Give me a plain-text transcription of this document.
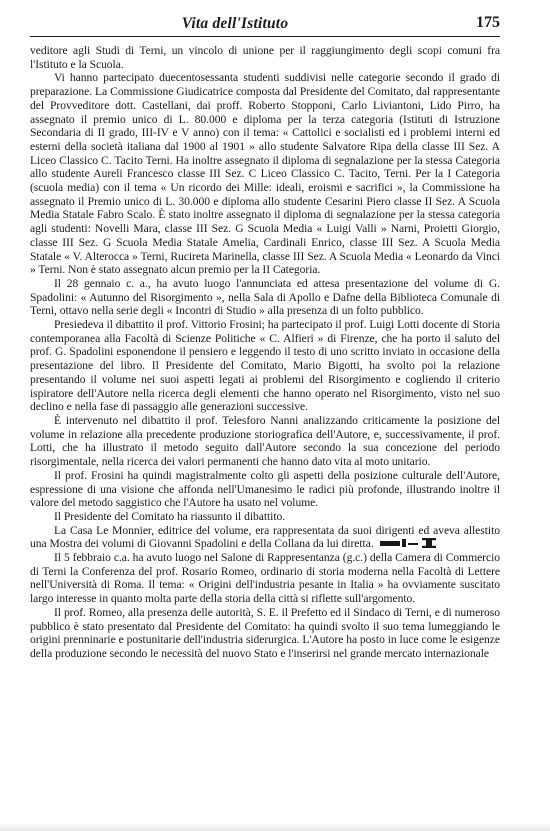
Vita dell'Istituto	175

veditore agli Studi di Terni, un vincolo di unione per il raggiungimento degli scopi comuni fra l'Istituto e la Scuola.

Vi hanno partecipato duecentosessanta studenti suddivisi nelle categorie secondo il grado di preparazione. La Commissione Giudicatrice composta dal Presidente del Comitato, dal rappresentante del Provveditore dott. Castellani, dai proff. Roberto Stopponi, Carlo Liviantoni, Lido Pirro, ha assegnato il premio unico di L. 80.000 e diploma per la terza categoria (Istituti di Istruzione Secondaria di II grado, III-IV e V anno) con il tema: « Cattolici e socialisti ed i problemi interni ed esterni della società italiana dal 1900 al 1901 » allo studente Salvatore Ripa della classe III Sez. A Liceo Classico C. Tacito Terni. Ha inoltre assegnato il diploma di segnalazione per la stessa Categoria allo studente Aureli Francesco classe III Sez. C Liceo Classico C. Tacito, Terni. Per la I Categoria (scuola media) con il tema « Un ricordo dei Mille: ideali, eroismi e sacrifici », la Commissione ha assegnato il Premio unico di L. 30.000 e diploma allo studente Cesarini Piero classe II Sez. A Scuola Media Statale Fabro Scalo. È stato inoltre assegnato il diploma di segnalazione per la stessa categoria agli studenti: Novelli Mara, classe III Sez. G Scuola Media « Luigi Valli » Narni, Proietti Giorgio, classe III Sez. G Scuola Media Statale Amelia, Cardinali Enrico, classe III Sez. A Scuola Media Statale « V. Alterocca » Terni, Rucireta Marinella, classe III Sez. A Scuola Media « Leonardo da Vinci » Terni. Non è stato assegnato alcun premio per la II Categoria.

Il 28 gennaio c. a., ha avuto luogo l'annunciata ed attesa presentazione del volume di G. Spadolini: « Autunno del Risorgimento », nella Sala di Apollo e Dafne della Biblioteca Comunale di Terni, ottavo nella serie degli « Incontri di Studio » alla presenza di un folto pubblico.

Presiedeva il dibattito il prof. Vittorio Frosini; ha partecipato il prof. Luigi Lotti docente di Storia contemporanea alla Facoltà di Scienze Politiche « C. Alfieri » di Firenze, che ha porto il saluto del prof. G. Spadolini esponendone il pensiero e leggendo il testo di uno scritto inviato in occasione della presentazione del libro. Il Presidente del Comitato, Mario Bigotti, ha svolto poi la relazione presentando il volume nei suoi aspetti legati ai problemi del Risorgimento e cogliendo il criterio ispiratore dell'Autore nella ricerca degli elementi che hanno operato nel Risorgimento, visto nel suo declino e nella fase di passaggio alle generazioni successive.

È intervenuto nel dibattito il prof. Telesforo Nanni analizzando criticamente la posizione del volume in relazione alla precedente produzione storiografica dell'Autore, e, successivamente, il prof. Lotti, che ha illustrato il metodo seguito dall'Autore secondo la sua concezione del periodo risorgimentale, nella ricerca dei valori permanenti che hanno dato vita al moto unitario.

Il prof. Frosini ha quindi magistralmente colto gli aspetti della posizione culturale dell'Autore, espressione di una visione che affonda nell'Umanesimo le radici più profonde, illustrando inoltre il valore del metodo saggistico che l'Autore ha usato nel volume.

Il Presidente del Comitato ha riassunto il dibattito.

La Casa Le Monnier, editrice del volume, era rappresentata da suoi dirigenti ed aveva allestito una Mostra dei volumi di Giovanni Spadolini e della Collana da lui diretta.

Il 5 febbraio c.a. ha avuto luogo nel Salone di Rappresentanza (g.c.) della Camera di Commercio di Terni la Conferenza del prof. Rosario Romeo, ordinario di storia moderna nella Facoltà di Lettere nell'Università di Roma. Il tema: « Origini dell'industria pesante in Italia » ha ovviamente suscitato largo interesse in quanto molta parte della storia della città si riflette sull'argomento.

Il prof. Romeo, alla presenza delle autorità, S. E. il Prefetto ed il Sindaco di Terni, e di numeroso pubblico è stato presentato dal Presidente del Comitato: ha quindi svolto il suo tema lumeggiando le origini prenninarie e postunitarie dell'industria siderurgica. L'Autore ha posto in luce come le esigenze della produzione secondo le necessità del nuovo Stato e l'inserirsi nel grande mercato internazionale
